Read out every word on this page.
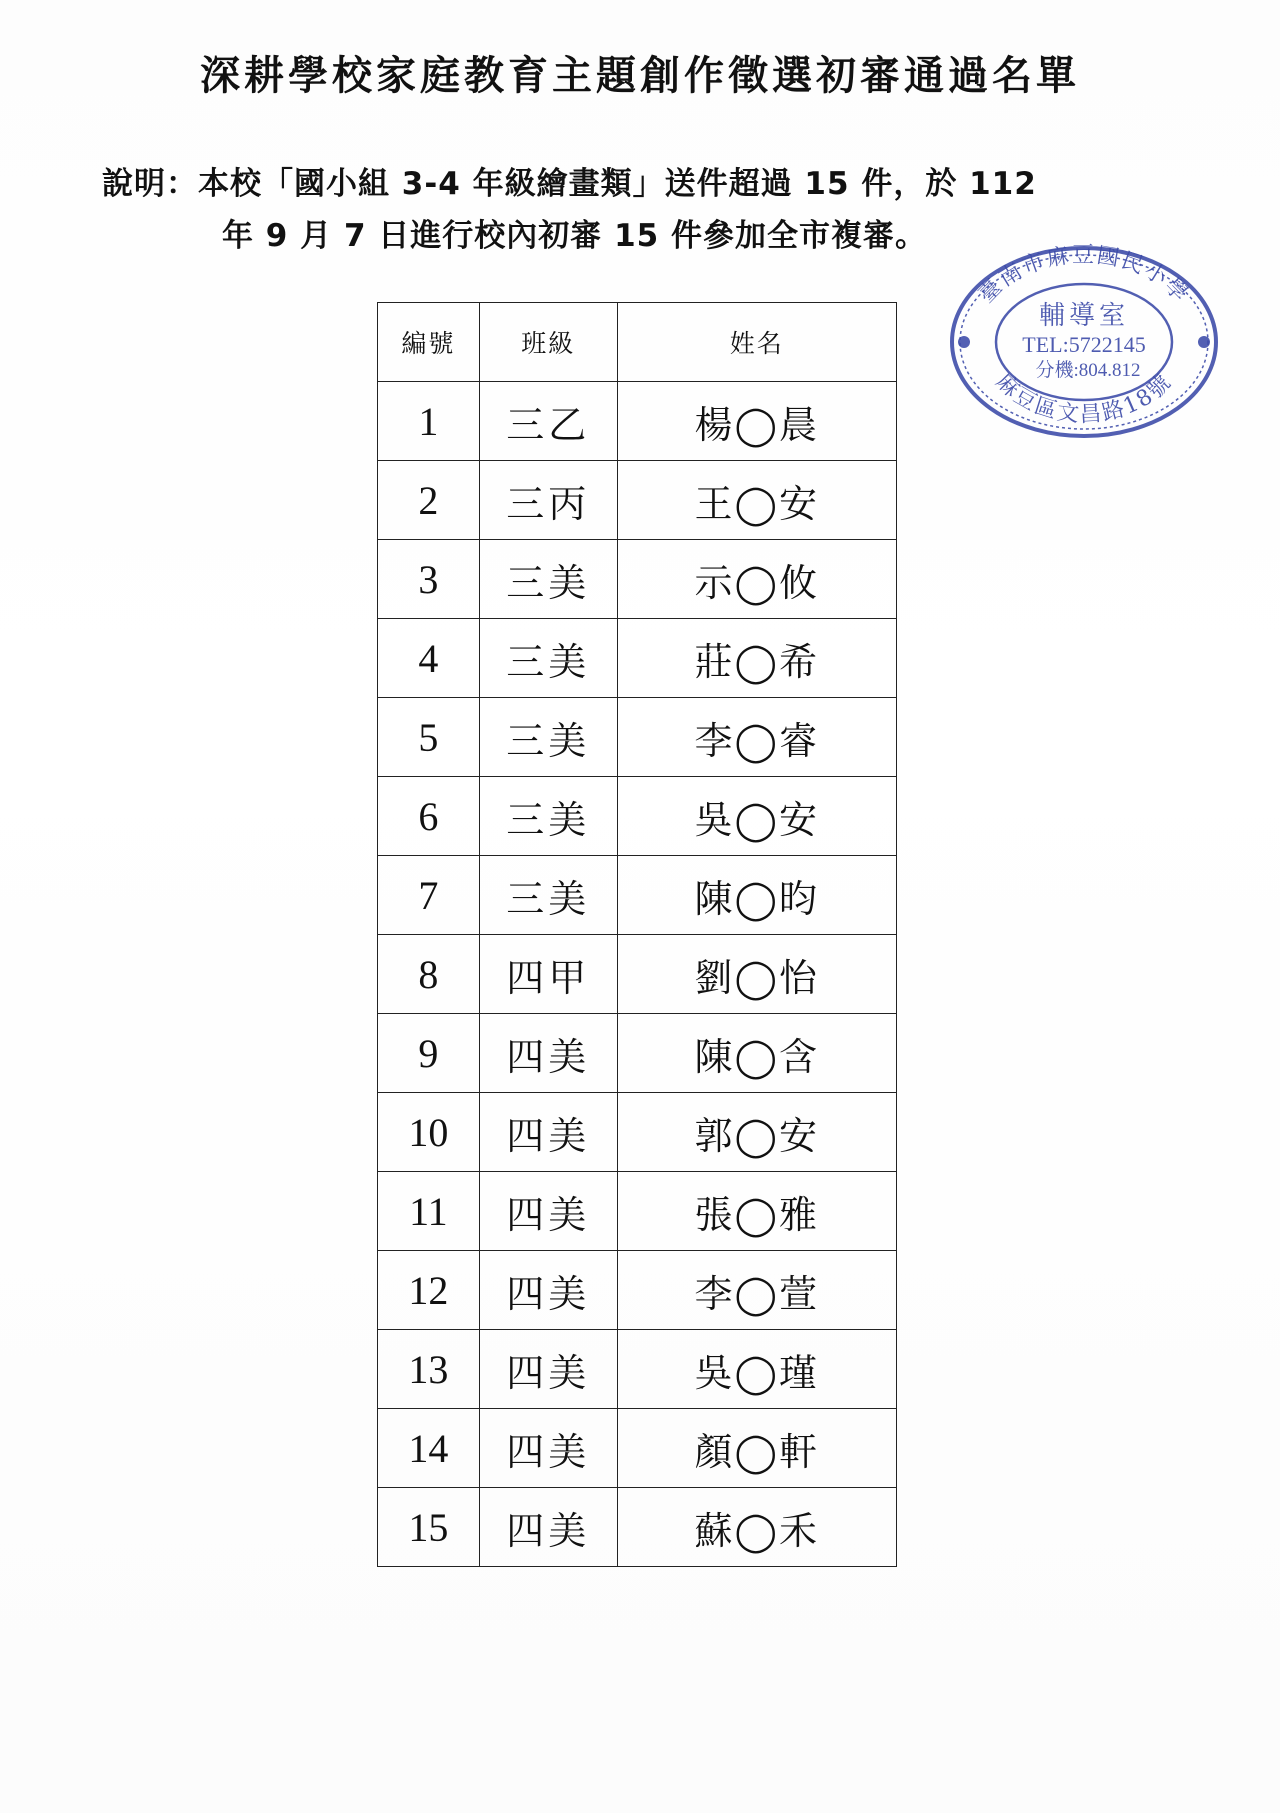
深耕學校家庭教育主題創作徵選初審通過名單

說明：本校「國小組 3-4 年級繪畫類」送件超過 15 件，於 112

年 9 月 7 日進行校內初審 15 件參加全市複審。

臺南市麻豆國民小學
麻豆區文昌路18號
輔導室
TEL:5722145
分機:804.812
編號	班級	姓名
1	三乙	楊◯晨
2	三丙	王◯安
3	三美	示◯攸
4	三美	莊◯希
5	三美	李◯睿
6	三美	吳◯安
7	三美	陳◯昀
8	四甲	劉◯怡
9	四美	陳◯含
10	四美	郭◯安
11	四美	張◯雅
12	四美	李◯萱
13	四美	吳◯瑾
14	四美	顏◯軒
15	四美	蘇◯禾
